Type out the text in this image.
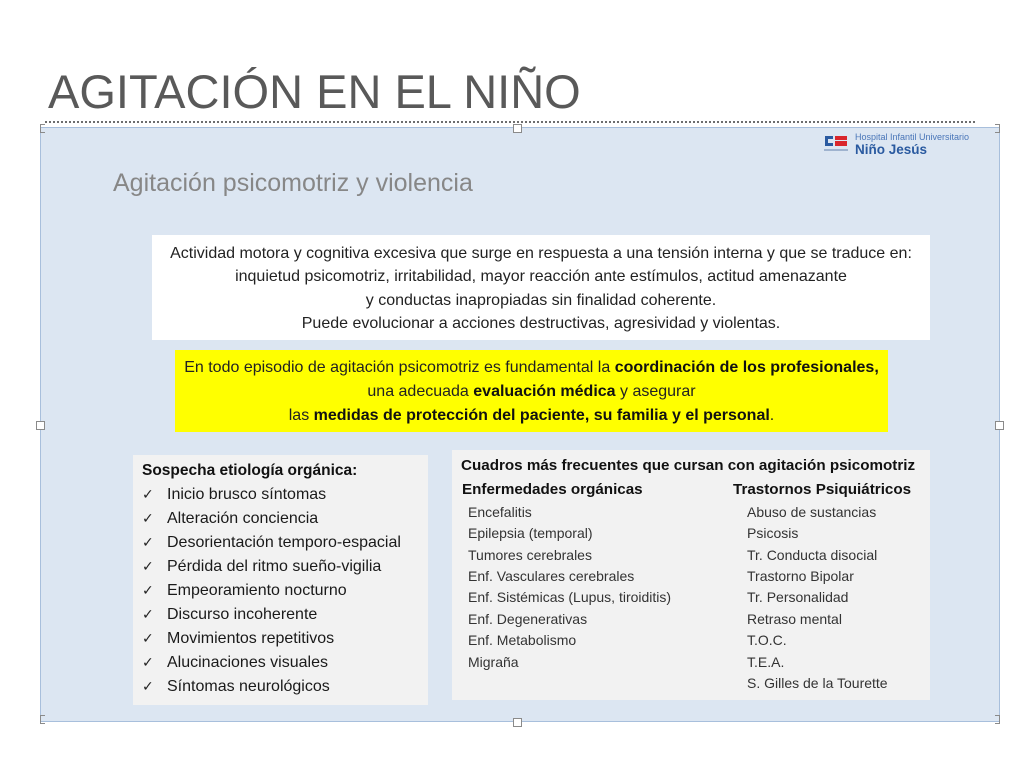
AGITACIÓN EN EL NIÑO
Hospital Infantil Universitario
Niño Jesús
Agitación psicomotriz y violencia
Actividad motora y cognitiva excesiva que surge en respuesta a una tensión interna y que se traduce en:
inquietud psicomotriz, irritabilidad, mayor reacción ante estímulos, actitud amenazante
y conductas inapropiadas sin finalidad coherente.
Puede evolucionar a acciones destructivas, agresividad y violentas.
En todo episodio de agitación psicomotriz es fundamental la coordinación de los profesionales,
una adecuada evaluación médica y asegurar
las medidas de protección del paciente, su familia y el personal.
Sospecha etiología orgánica:
✓Inicio brusco síntomas
✓Alteración conciencia
✓Desorientación temporo-espacial
✓Pérdida del ritmo sueño-vigilia
✓Empeoramiento nocturno
✓Discurso incoherente
✓Movimientos repetitivos
✓Alucinaciones visuales
✓Síntomas neurológicos
Cuadros más frecuentes que cursan con agitación psicomotriz
Enfermedades orgánicas
Encefalitis
Epilepsia (temporal)
Tumores cerebrales
Enf. Vasculares cerebrales
Enf. Sistémicas (Lupus, tiroiditis)
Enf. Degenerativas
Enf. Metabolismo
Migraña
Trastornos Psiquiátricos
Abuso de sustancias
Psicosis
Tr. Conducta disocial
Trastorno Bipolar
Tr. Personalidad
Retraso mental
T.O.C.
T.E.A.
S. Gilles de la Tourette
